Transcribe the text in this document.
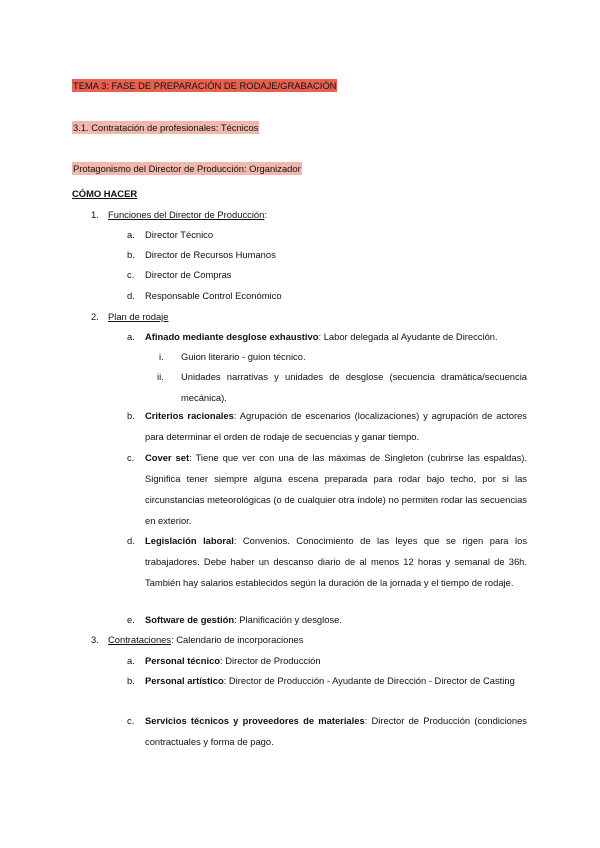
TEMA 3: FASE DE PREPARACIÓN DE RODAJE/GRABACIÓN
3.1. Contratación de profesionales: Técnicos
Protagonismo del Director de Producción: Organizador
CÓMO HACER
1. Funciones del Director de Producción:
a. Director Técnico
b. Director de Recursos Humanos
c. Director de Compras
d. Responsable Control Económico
2. Plan de rodaje
a. Afinado mediante desglose exhaustivo: Labor delegada al Ayudante de Dirección.
i. Guion literario - guion técnico.
ii. Unidades narrativas y unidades de desglose (secuencia dramática/secuencia mecánica).
b. Criterios racionales: Agrupación de escenarios (localizaciones) y agrupación de actores para determinar el orden de rodaje de secuencias y ganar tiempo.
c. Cover set: Tiene que ver con una de las máximas de Singleton (cubrirse las espaldas). Significa tener siempre alguna escena preparada para rodar bajo techo, por si las circunstancias meteorológicas (o de cualquier otra índole) no permiten rodar las secuencias en exterior.
d. Legislación laboral: Convenios. Conocimiento de las leyes que se rigen para los trabajadores. Debe haber un descanso diario de al menos 12 horas y semanal de 36h. También hay salarios establecidos según la duración de la jornada y el tiempo de rodaje.
e. Software de gestión: Planificación y desglose.
3. Contrataciones: Calendario de incorporaciones
a. Personal técnico: Director de Producción
b. Personal artístico: Director de Producción - Ayudante de Dirección - Director de Casting
c. Servicios técnicos y proveedores de materiales: Director de Producción (condiciones contractuales y forma de pago.
